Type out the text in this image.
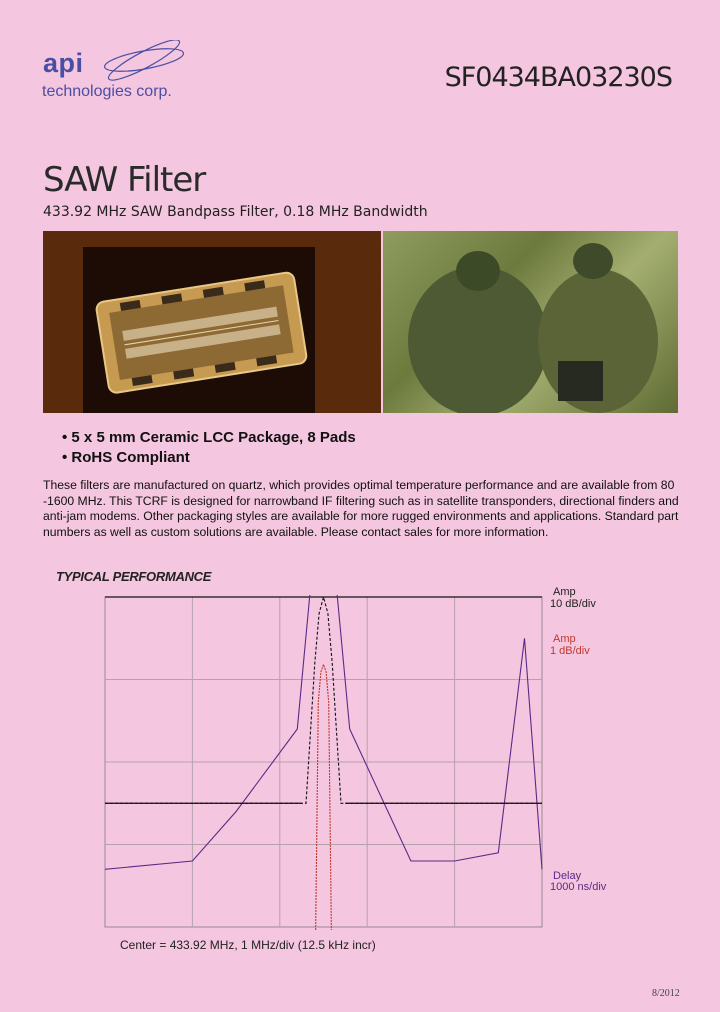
api
technologies corp.	SF0434BA03230S
SAW Filter
433.92 MHz SAW Bandpass Filter, 0.18 MHz Bandwidth
• 5 x 5 mm Ceramic LCC Package, 8 Pads
• RoHS Compliant
These filters are manufactured on quartz, which provides optimal temperature performance and are available from 80 -1600 MHz. This TCRF is designed for narrowband IF filtering such as in satellite transponders, directional finders and anti-jam modems. Other packaging styles are available for more rugged environments and applications. Standard part numbers as well as custom solutions are available. Please contact sales for more information.
TYPICAL PERFORMANCE
Amp
10 dB/div
Amp
1 dB/div
Delay
1000 ns/div
Center = 433.92 MHz, 1 MHz/div (12.5 kHz incr)
8/2012
